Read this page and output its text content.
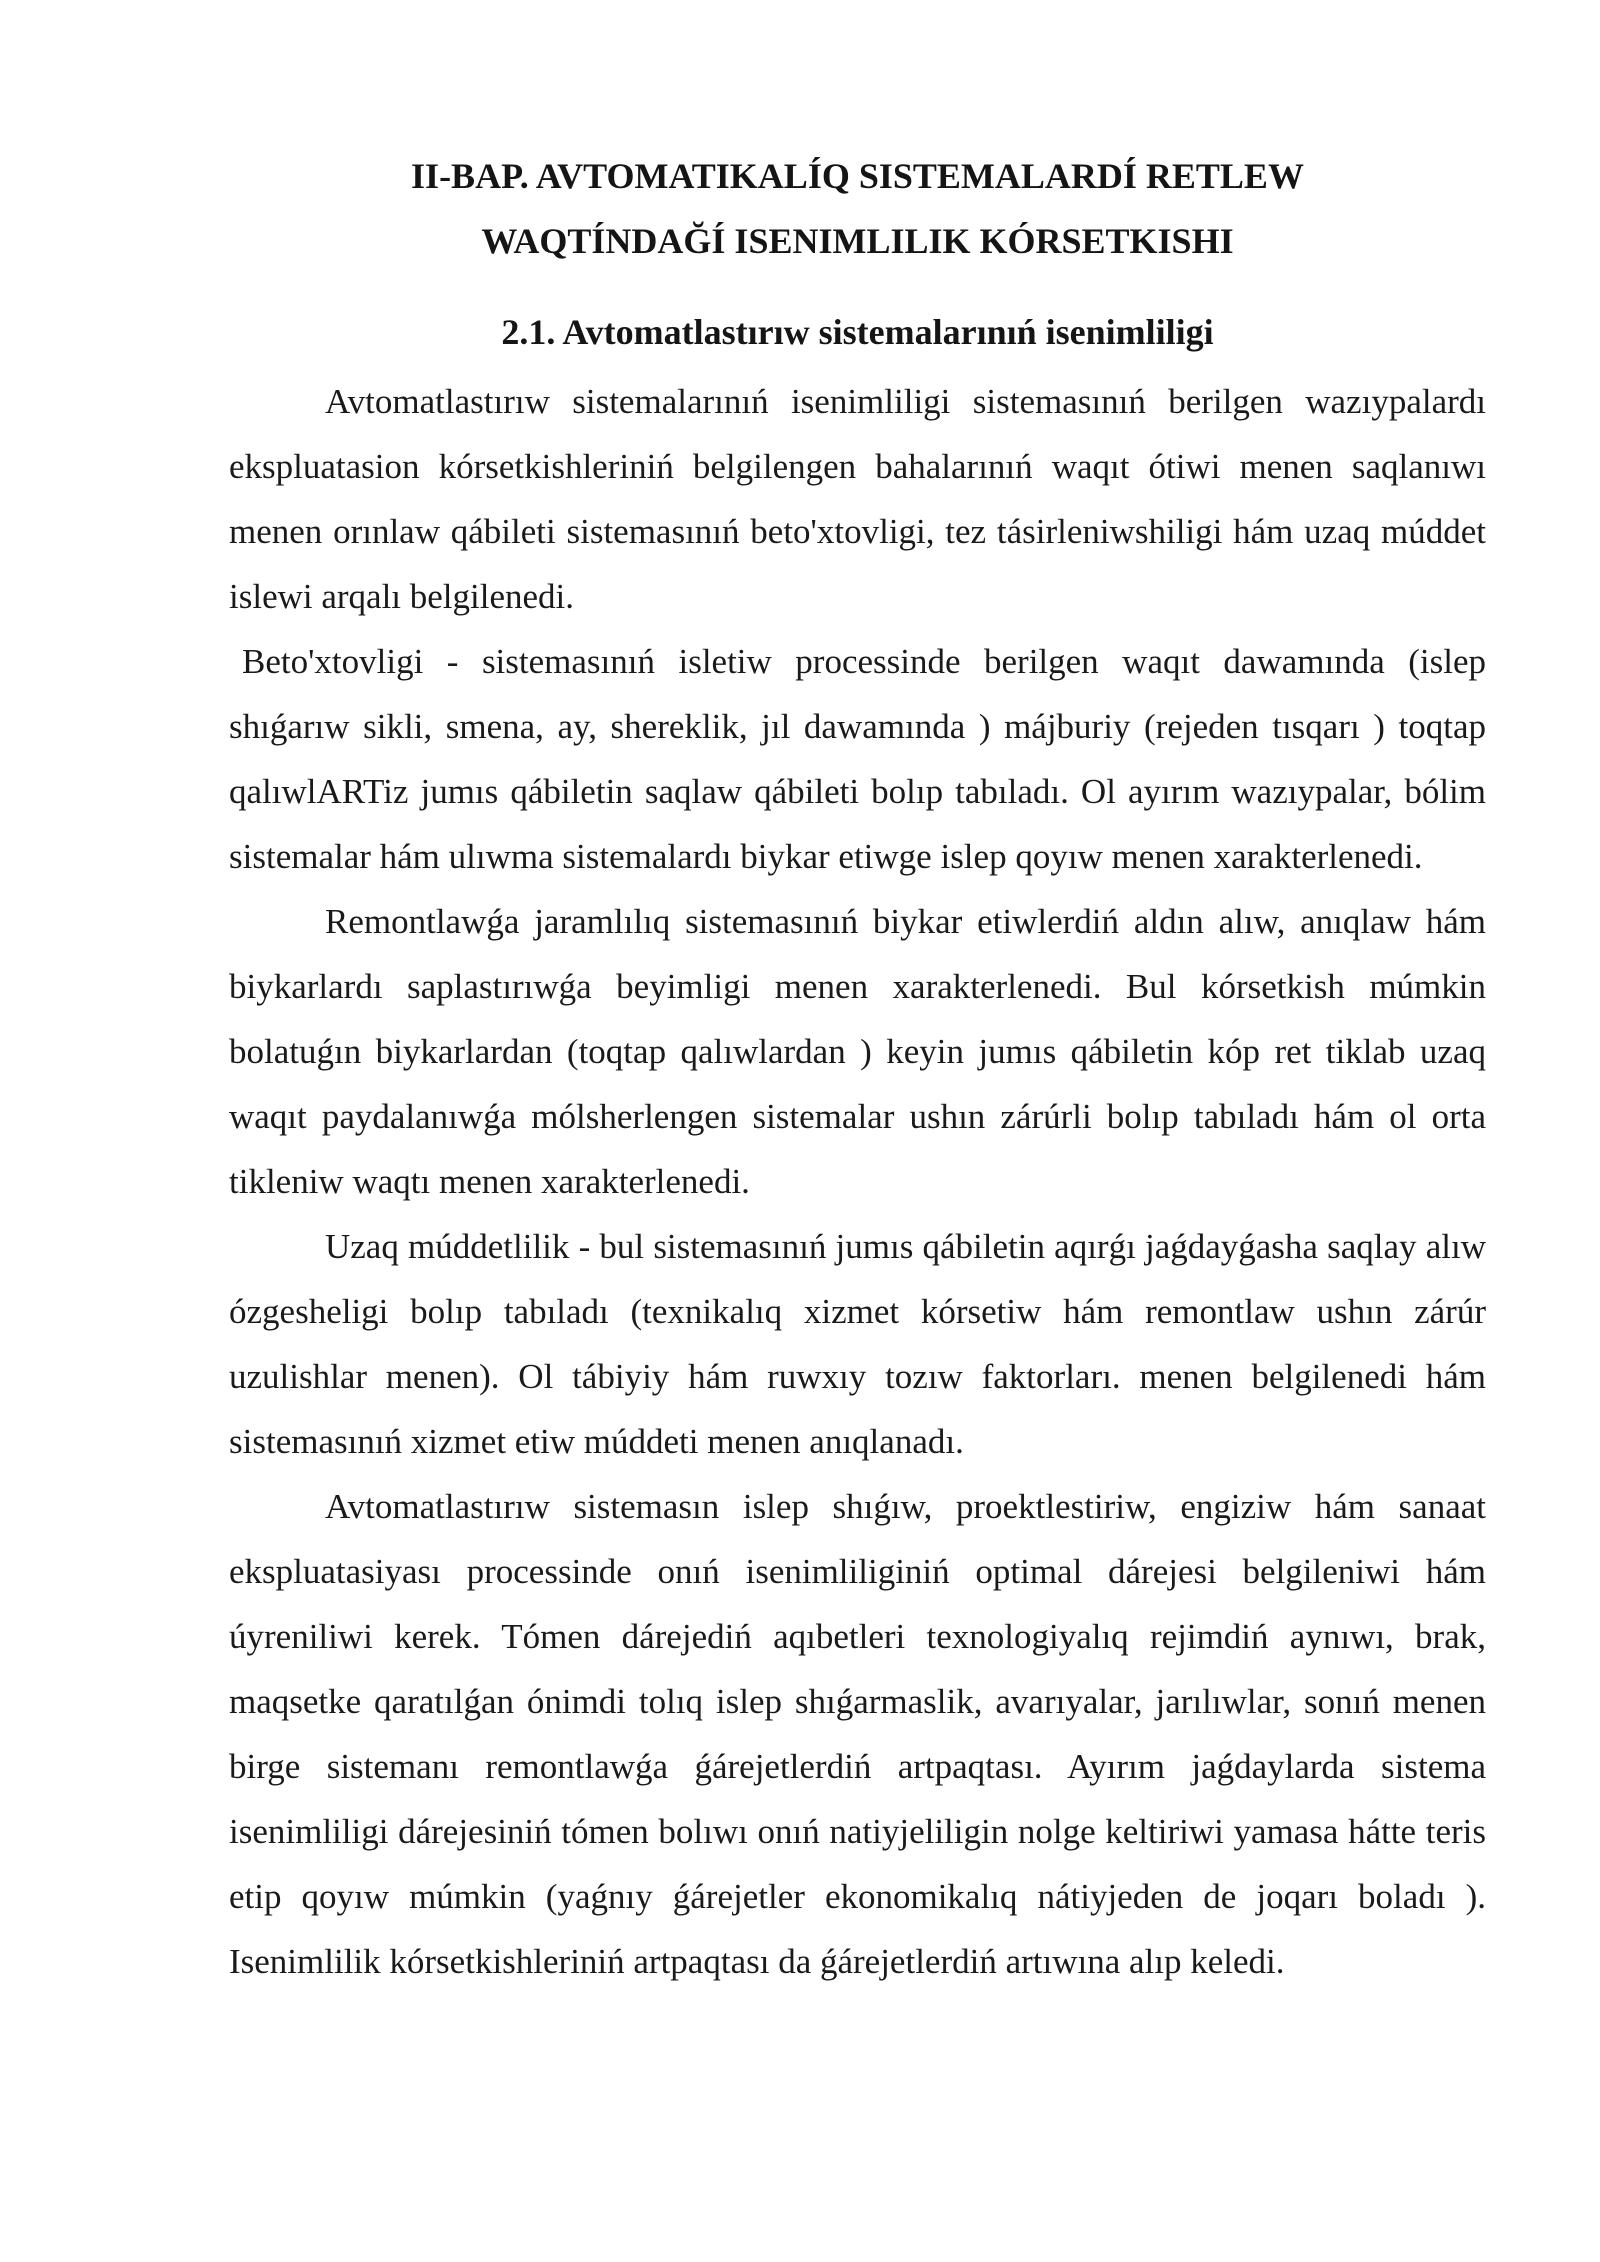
II-BAP. AVTOMATIKALÍQ SISTEMALARDÍ RETLEW
WAQTÍNDAĞÍ ISENIMLILIK KÓRSETKISHI
2.1. Avtomatlastırıw sistemalarınıń isenimliligi

Avtomatlastırıw sistemalarınıń isenimliligi sistemasınıń berilgen wazıypalardı ekspluatasion kórsetkishleriniń belgilengen bahalarınıń waqıt ótiwi menen saqlanıwı menen orınlaw qábileti sistemasınıń beto'xtovligi, tez tásirleniwshiligi hám uzaq múddet islewi arqalı belgilenedi.

Beto'xtovligi - sistemasınıń isletiw processinde berilgen waqıt dawamında (islep shıǵarıw sikli, smena, ay, shereklik, jıl dawamında ) májburiy (rejeden tısqarı ) toqtap qalıwlARTiz jumıs qábiletin saqlaw qábileti bolıp tabıladı. Ol ayırım wazıypalar, bólim sistemalar hám ulıwma sistemalardı biykar etiwge islep qoyıw menen xarakterlenedi.

Remontlawǵa jaramlılıq sistemasınıń biykar etiwlerdiń aldın alıw, anıqlaw hám biykarlardı saplastırıwǵa beyimligi menen xarakterlenedi. Bul kórsetkish múmkin bolatuǵın biykarlardan (toqtap qalıwlardan ) keyin jumıs qábiletin kóp ret tiklab uzaq waqıt paydalanıwǵa mólsherlengen sistemalar ushın zárúrli bolıp tabıladı hám ol orta tikleniw waqtı menen xarakterlenedi.

Uzaq múddetlilik - bul sistemasınıń jumıs qábiletin aqırǵı jaǵdayǵasha saqlay alıw ózgesheligi bolıp tabıladı (texnikalıq xizmet kórsetiw hám remontlaw ushın zárúr uzulishlar menen). Ol tábiyiy hám ruwxıy tozıw faktorları. menen belgilenedi hám sistemasınıń xizmet etiw múddeti menen anıqlanadı.

Avtomatlastırıw sistemasın islep shıǵıw, proektlestiriw, engiziw hám sanaat ekspluatasiyası processinde onıń isenimliliginiń optimal dárejesi belgileniwi hám úyreniliwi kerek. Tómen dárejediń aqıbetleri texnologiyalıq rejimdiń aynıwı, brak, maqsetke qaratılǵan ónimdi tolıq islep shıǵarmaslik, avarıyalar, jarılıwlar, sonıń menen birge sistemanı remontlawǵa ǵárejetlerdiń artpaqtası. Ayırım jaǵdaylarda sistema isenimliligi dárejesiniń tómen bolıwı onıń natiyjeliligin nolge keltiriwi yamasa hátte teris etip qoyıw múmkin (yaǵnıy ǵárejetler ekonomikalıq nátiyjeden de joqarı boladı ). Isenimlilik kórsetkishleriniń artpaqtası da ǵárejetlerdiń artıwına alıp keledi.
